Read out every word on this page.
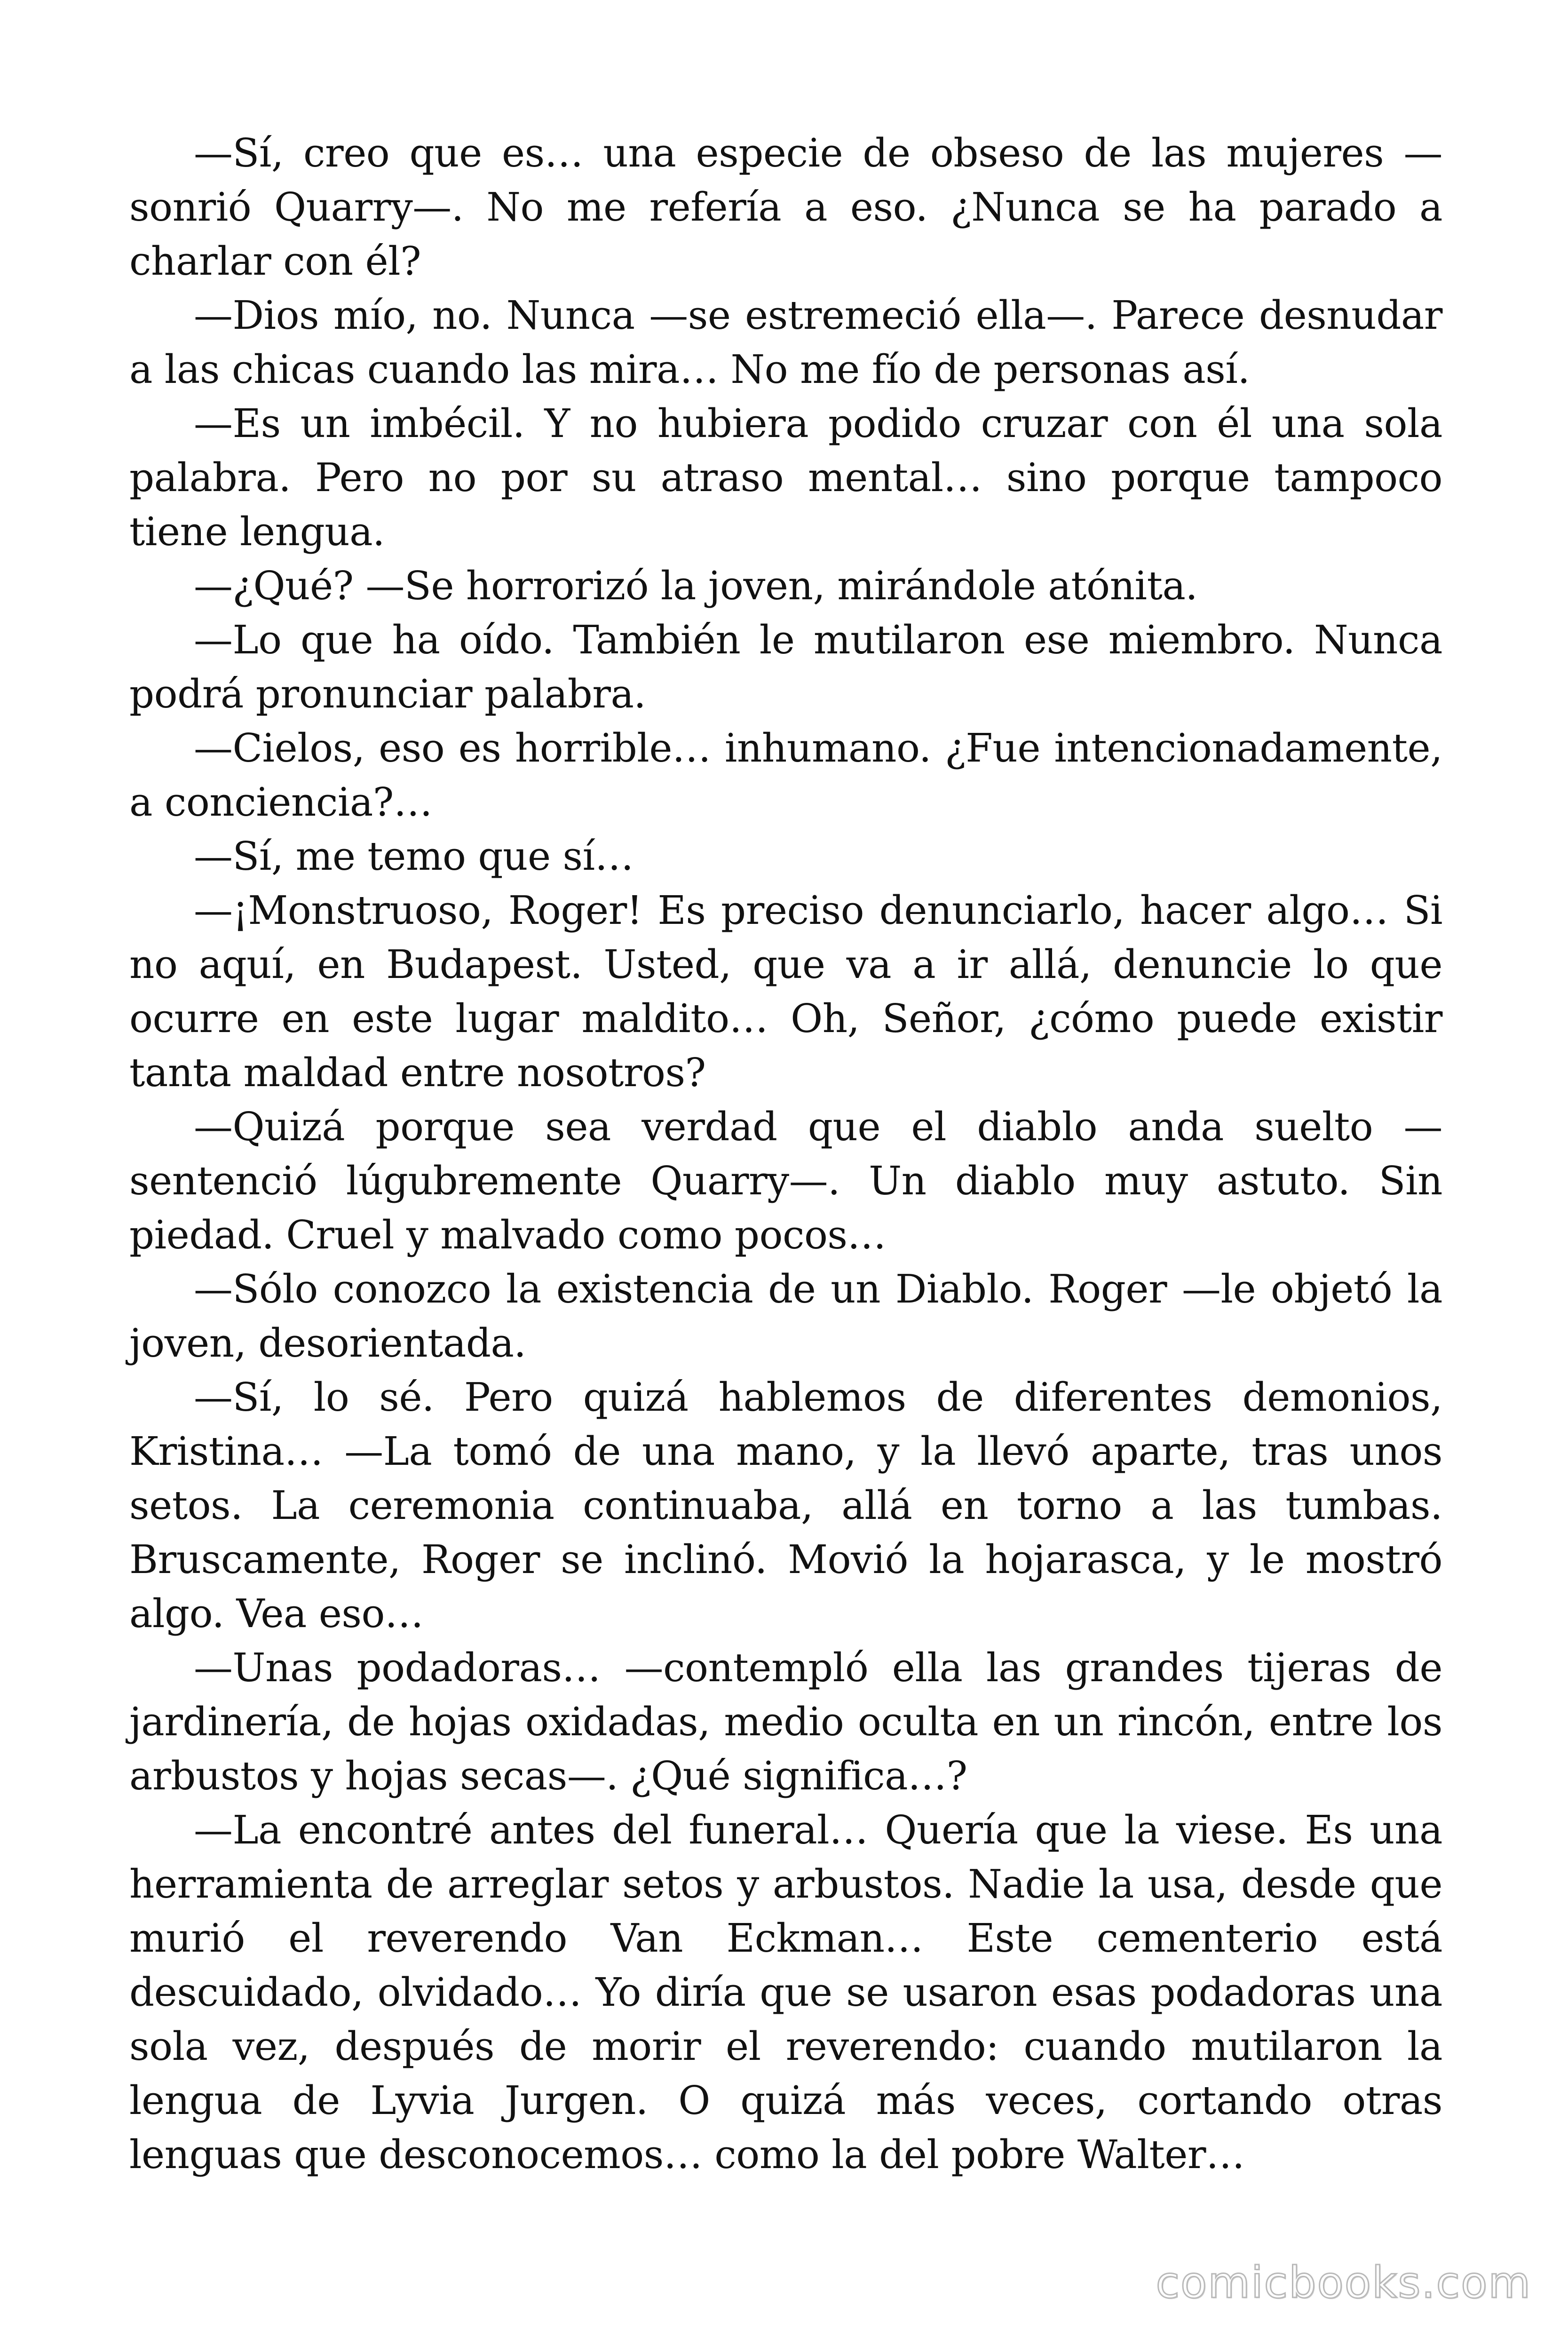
—Sí, creo que es… una especie de obseso de las mujeres —sonrió Quarry—. No me refería a eso. ¿Nunca se ha parado a charlar con él?

—Dios mío, no. Nunca —se estremeció ella—. Parece desnudar a las chicas cuando las mira… No me fío de personas así.

—Es un imbécil. Y no hubiera podido cruzar con él una sola palabra. Pero no por su atraso mental… sino porque tampoco tiene lengua.

—¿Qué? —Se horrorizó la joven, mirándole atónita.

—Lo que ha oído. También le mutilaron ese miembro. Nunca podrá pronunciar palabra.

—Cielos, eso es horrible… inhumano. ¿Fue intencionadamente, a conciencia?…

—Sí, me temo que sí…

—¡Monstruoso, Roger! Es preciso denunciarlo, hacer algo… Si no aquí, en Budapest. Usted, que va a ir allá, denuncie lo que ocurre en este lugar maldito… Oh, Señor, ¿cómo puede existir tanta maldad entre nosotros?

—Quizá porque sea verdad que el diablo anda suelto —sentenció lúgubremente Quarry—. Un diablo muy astuto. Sin piedad. Cruel y malvado como pocos…

—Sólo conozco la existencia de un Diablo. Roger —le objetó la joven, desorientada.

—Sí, lo sé. Pero quizá hablemos de diferentes demonios, Kristina… —La tomó de una mano, y la llevó aparte, tras unos setos. La ceremonia continuaba, allá en torno a las tumbas. Bruscamente, Roger se inclinó. Movió la hojarasca, y le mostró algo. Vea eso…

—Unas podadoras… —contempló ella las grandes tijeras de jardinería, de hojas oxidadas, medio oculta en un rincón, entre los arbustos y hojas secas—. ¿Qué significa…?

—La encontré antes del funeral… Quería que la viese. Es una herramienta de arreglar setos y arbustos. Nadie la usa, desde que murió el reverendo Van Eckman… Este cementerio está descuidado, olvidado… Yo diría que se usaron esas podadoras una sola vez, después de morir el reverendo: cuando mutilaron la lengua de Lyvia Jurgen. O quizá más veces, cortando otras lenguas que desconocemos… como la del pobre Walter…

comicbooks.com
